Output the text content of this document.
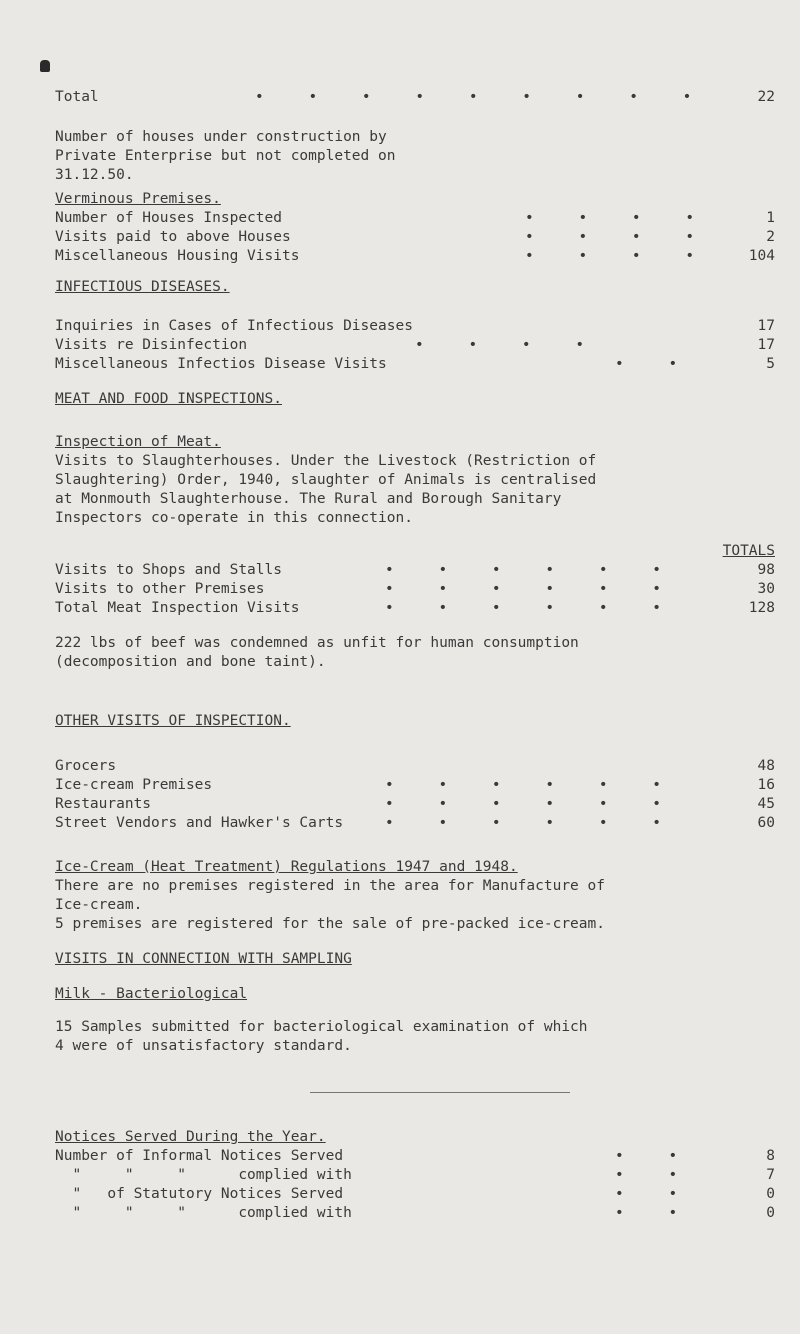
Total	• • • • • • • • •	22
Number of houses under construction by
Private Enterprise but not completed on
31.12.50.
Verminous Premises.
Number of Houses Inspected	• • • •	1
Visits paid to above Houses	• • • •	2
Miscellaneous Housing Visits	• • • •	104
INFECTIOUS DISEASES.
Inquiries in Cases of Infectious Diseases	17
Visits re Disinfection	• • • •	17
Miscellaneous Infectios Disease Visits	• •	5
MEAT AND FOOD INSPECTIONS.
Inspection of Meat.
Visits to Slaughterhouses. Under the Livestock (Restriction of
Slaughtering) Order, 1940, slaughter of Animals is centralised
at Monmouth Slaughterhouse. The Rural and Borough Sanitary
Inspectors co-operate in this connection.
TOTALS
Visits to Shops and Stalls	• • • • • •	98
Visits to other Premises	• • • • • •	30
Total Meat Inspection Visits	• • • • • •	128
222 lbs of beef was condemned as unfit for human consumption
(decomposition and bone taint).
OTHER VISITS OF INSPECTION.
Grocers	48
Ice-cream Premises	• • • • • •	16
Restaurants	• • • • • •	45
Street Vendors and Hawker's Carts	• • • • • •	60
Ice-Cream (Heat Treatment) Regulations 1947 and 1948.
There are no premises registered in the area for Manufacture of
Ice-cream.
5 premises are registered for the sale of pre-packed ice-cream.
VISITS IN CONNECTION WITH SAMPLING
Milk - Bacteriological
15 Samples submitted for bacteriological examination of which
4 were of unsatisfactory standard.
Notices Served During the Year.
Number of Informal Notices Served	• •	8
"     "     "      complied with	• •	7
"   of Statutory Notices Served	• •	0
"     "     "      complied with	• •	0
